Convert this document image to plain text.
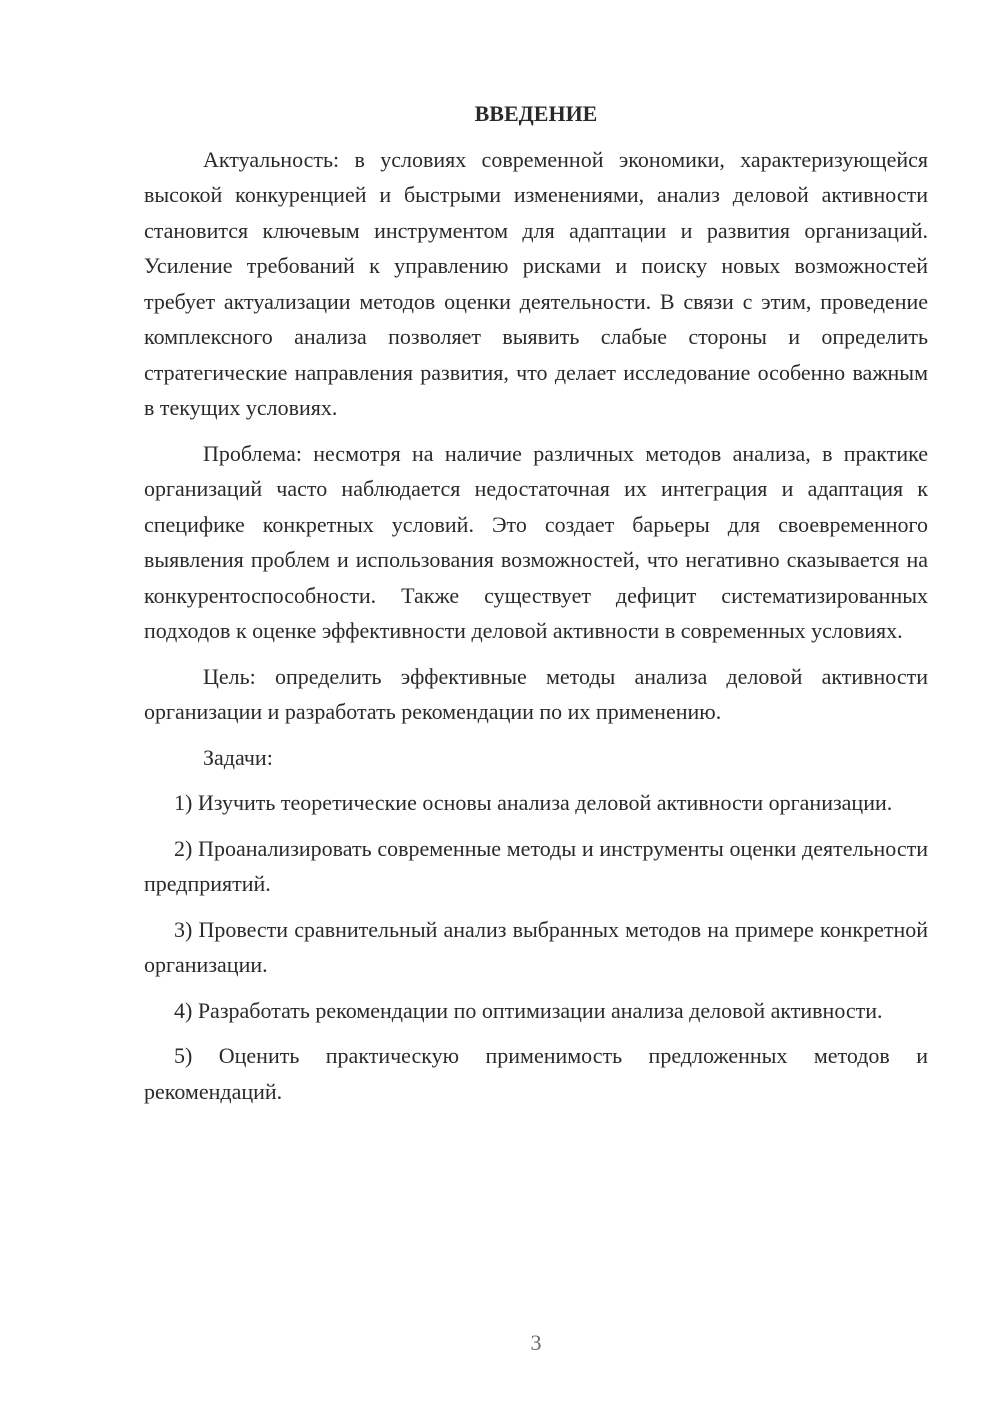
ВВЕДЕНИЕ

Актуальность: в условиях современной экономики, характеризующейся высокой конкуренцией и быстрыми изменениями, анализ деловой активности становится ключевым инструментом для адаптации и развития организаций. Усиление требований к управлению рисками и поиску новых возможностей требует актуализации методов оценки деятельности. В связи с этим, проведение комплексного анализа позволяет выявить слабые стороны и определить стратегические направления развития, что делает исследование особенно важным в текущих условиях.

Проблема: несмотря на наличие различных методов анализа, в практике организаций часто наблюдается недостаточная их интеграция и адаптация к специфике конкретных условий. Это создает барьеры для своевременного выявления проблем и использования возможностей, что негативно сказывается на конкурентоспособности. Также существует дефицит систематизированных подходов к оценке эффективности деловой активности в современных условиях.

Цель: определить эффективные методы анализа деловой активности организации и разработать рекомендации по их применению.

Задачи:

1) Изучить теоретические основы анализа деловой активности организации.

2) Проанализировать современные методы и инструменты оценки деятельности предприятий.

3) Провести сравнительный анализ выбранных методов на примере конкретной организации.

4) Разработать рекомендации по оптимизации анализа деловой активности.

5) Оценить практическую применимость предложенных методов и рекомендаций.

3
